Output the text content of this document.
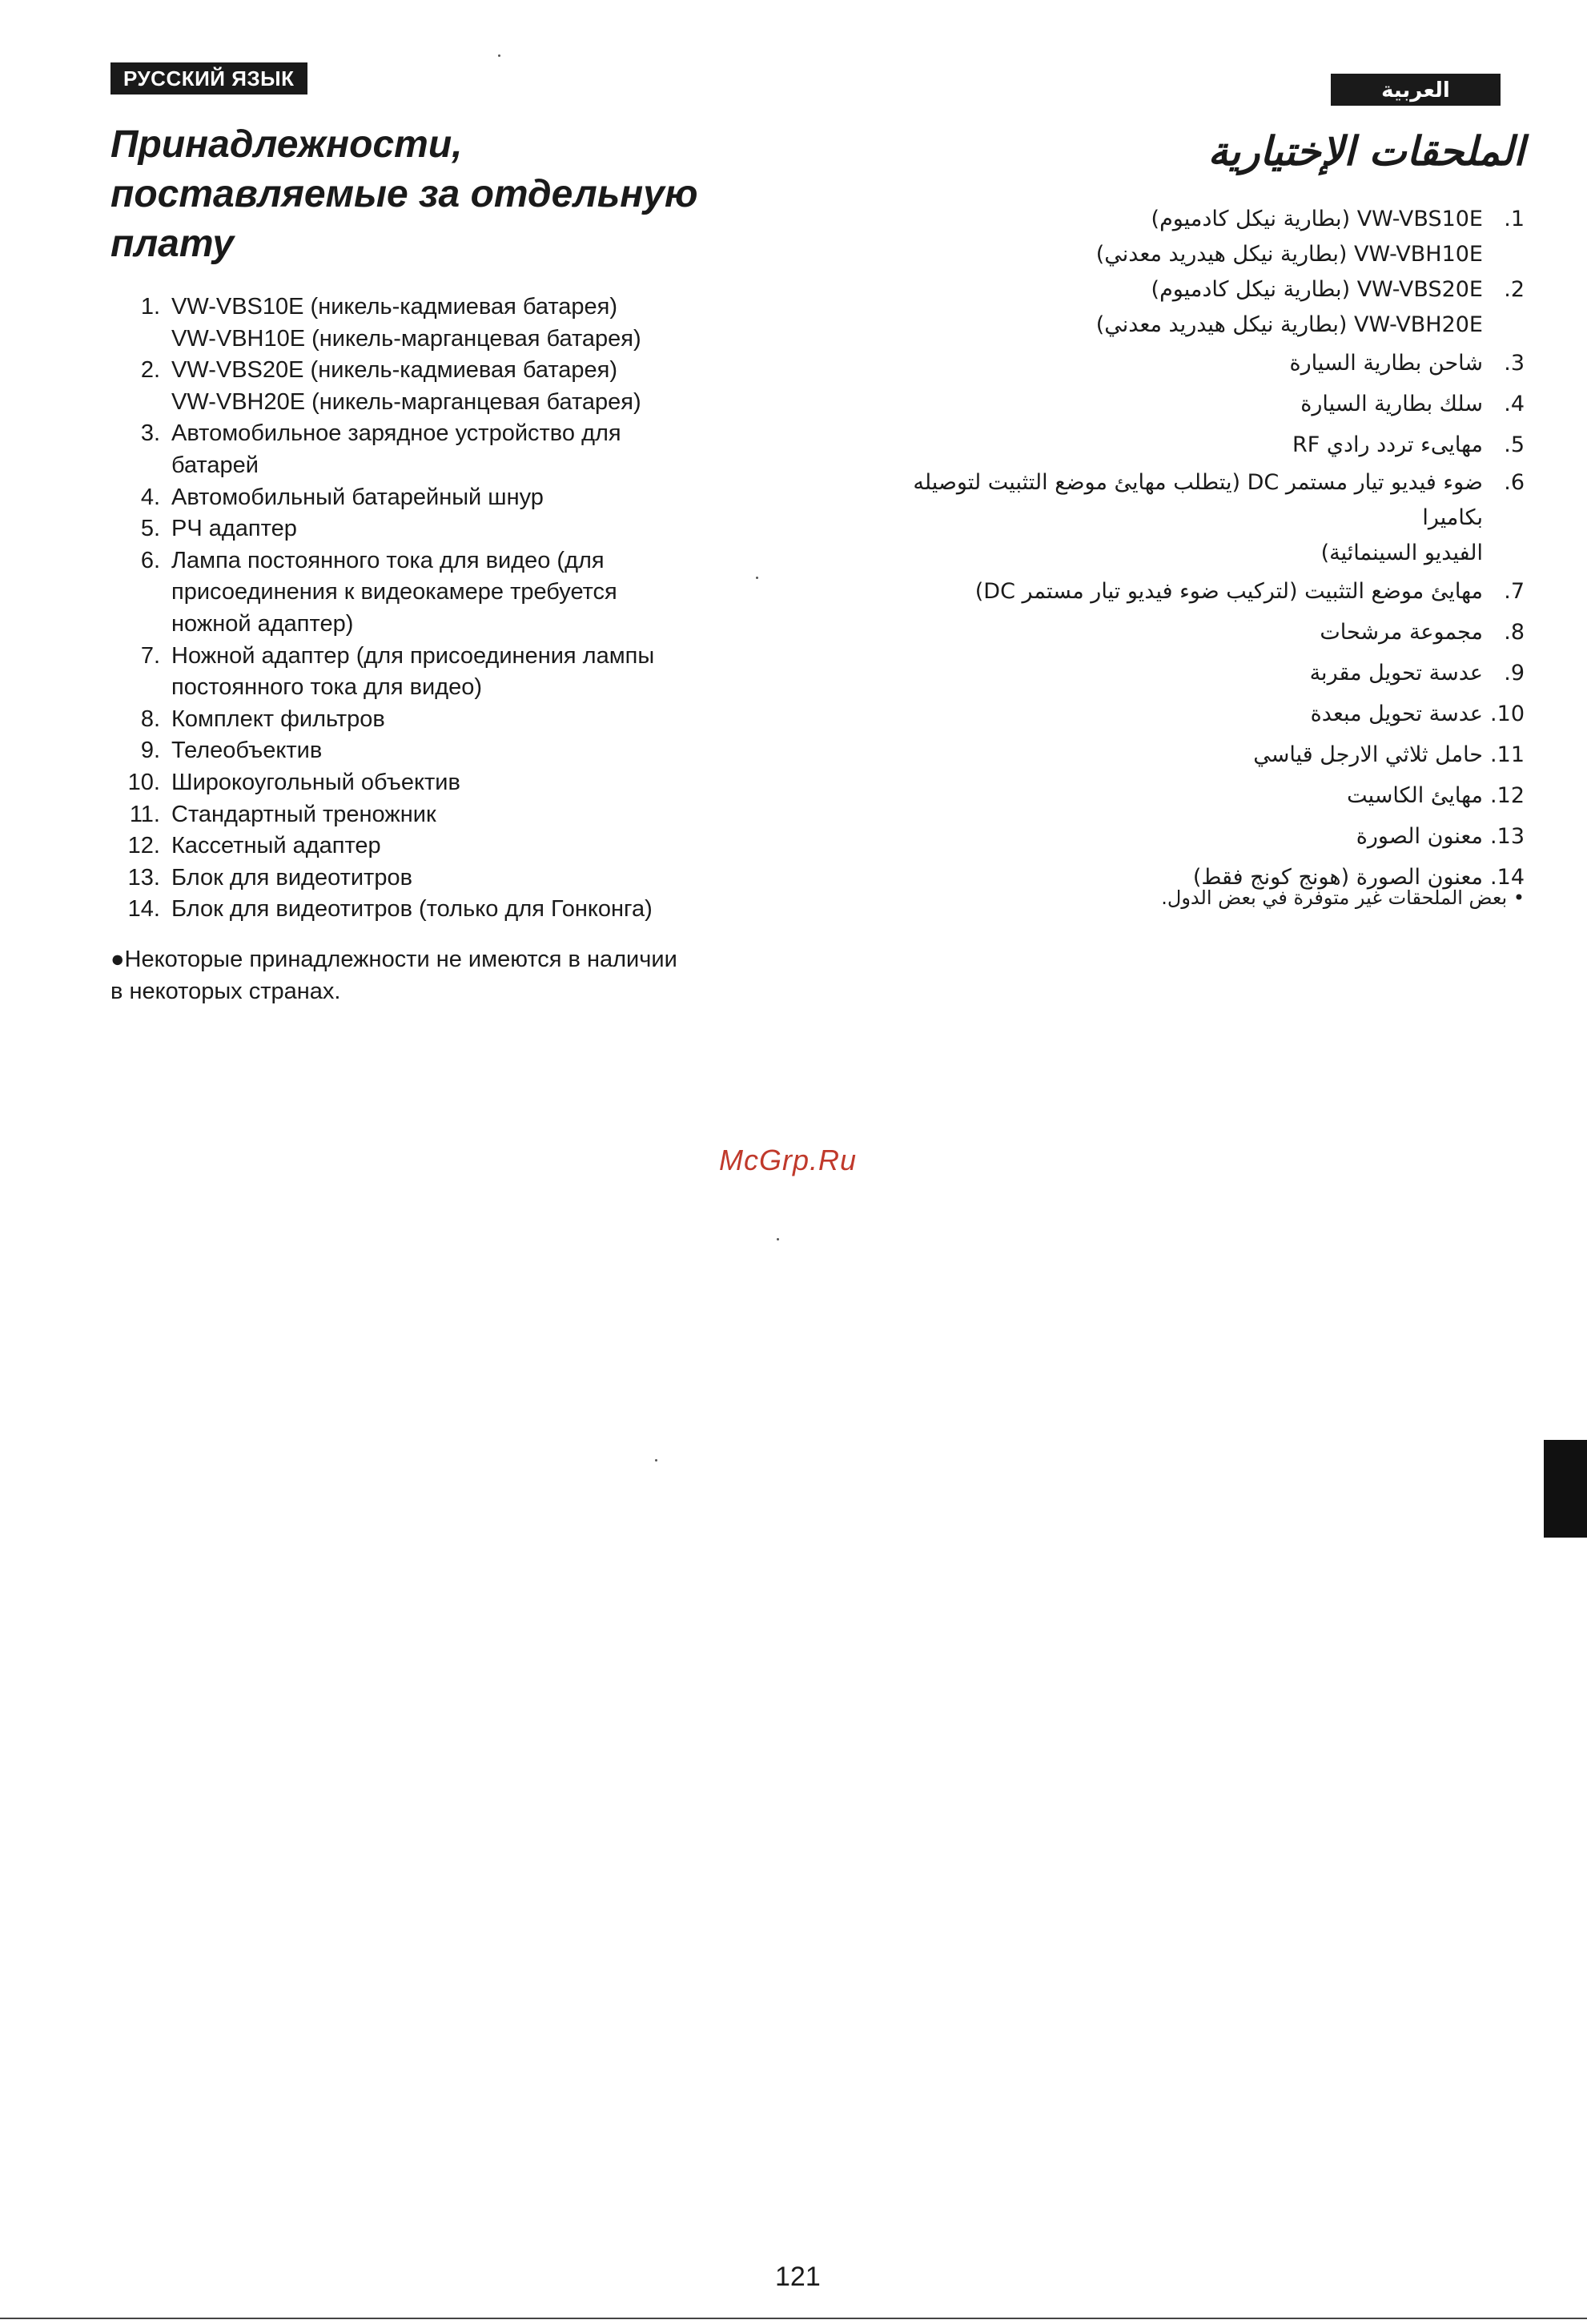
РУССКИЙ ЯЗЫК	العربية
Принадлежности, поставляемые за отдельную плату
1. VW-VBS10E (никель-кадмиевая батарея)
VW-VBH10E (никель-марганцевая батарея)
2. VW-VBS20E (никель-кадмиевая батарея)
VW-VBH20E (никель-марганцевая батарея)
3. Автомобильное зарядное устройство для
батарей
4. Автомобильный батарейный шнур
5. РЧ адаптер
6. Лампа постоянного тока для видео (для
присоединения к видеокамере требуется
ножной адаптер)
7. Ножной адаптер (для присоединения лампы
постоянного тока для видео)
8. Комплект фильтров
9. Телеобъектив
10. Широкоугольный объектив
11. Стандартный треножник
12. Кассетный адаптер
13. Блок для видеотитров
14. Блок для видеотитров (только для Гонконга)

●Некоторые принадлежности не имеются в наличии
в некоторых странах.

الملحقات الإختيارية
1.
VW-VBS10E (بطارية نيكل كادميوم)
VW-VBH10E (بطارية نيكل هيدريد معدني)
2.
VW-VBS20E (بطارية نيكل كادميوم)
VW-VBH20E (بطارية نيكل هيدريد معدني)
3.
شاحن بطارية السيارة
4.
سلك بطارية السيارة
5.
مهايىء تردد رادي RF
6.
ضوء فيديو تيار مستمر DC (يتطلب مهايئ موضع التثبيت لتوصيله بكاميرا
الفيديو السينمائية)
7.
مهايئ موضع التثبيت (لتركيب ضوء فيديو تيار مستمر DC)
8.
مجموعة مرشحات
9.
عدسة تحويل مقربة
10.
عدسة تحويل مبعدة
11.
حامل ثلاثي الارجل قياسي
12.
مهايئ الكاسيت
13.
معنون الصورة
14.
معنون الصورة (هونج كونج فقط)

• بعض الملحقات غير متوفرة في بعض الدول.

McGrp.Ru
121
